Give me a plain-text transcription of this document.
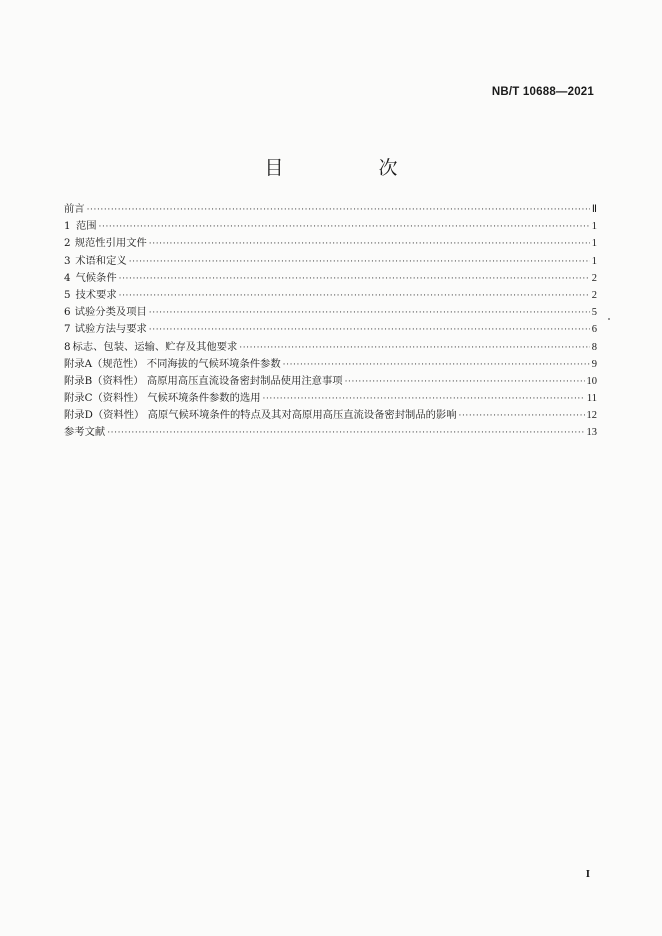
NB/T 10688—2021
目　次
前言 ·····	Ⅱ
1 范围 ·····	1
2 规范性引用文件 ·····	1
3 术语和定义 ·····	1
4 气候条件 ·····	2
5 技术要求 ·····	2
6 试验分类及项目 ·····	5
7 试验方法与要求 ·····	6
8 标志、包装、运输、贮存及其他要求 ·····	8
附录A（规范性） 不同海拔的气候环境条件参数 ·····	9
附录B（资料性） 高原用高压直流设备密封制品使用注意事项 ·····	10
附录C（资料性） 气候环境条件参数的选用 ·····	11
附录D（资料性） 高原气候环境条件的特点及其对高原用高压直流设备密封制品的影响 ·····	12
参考文献 ·····	13
I
